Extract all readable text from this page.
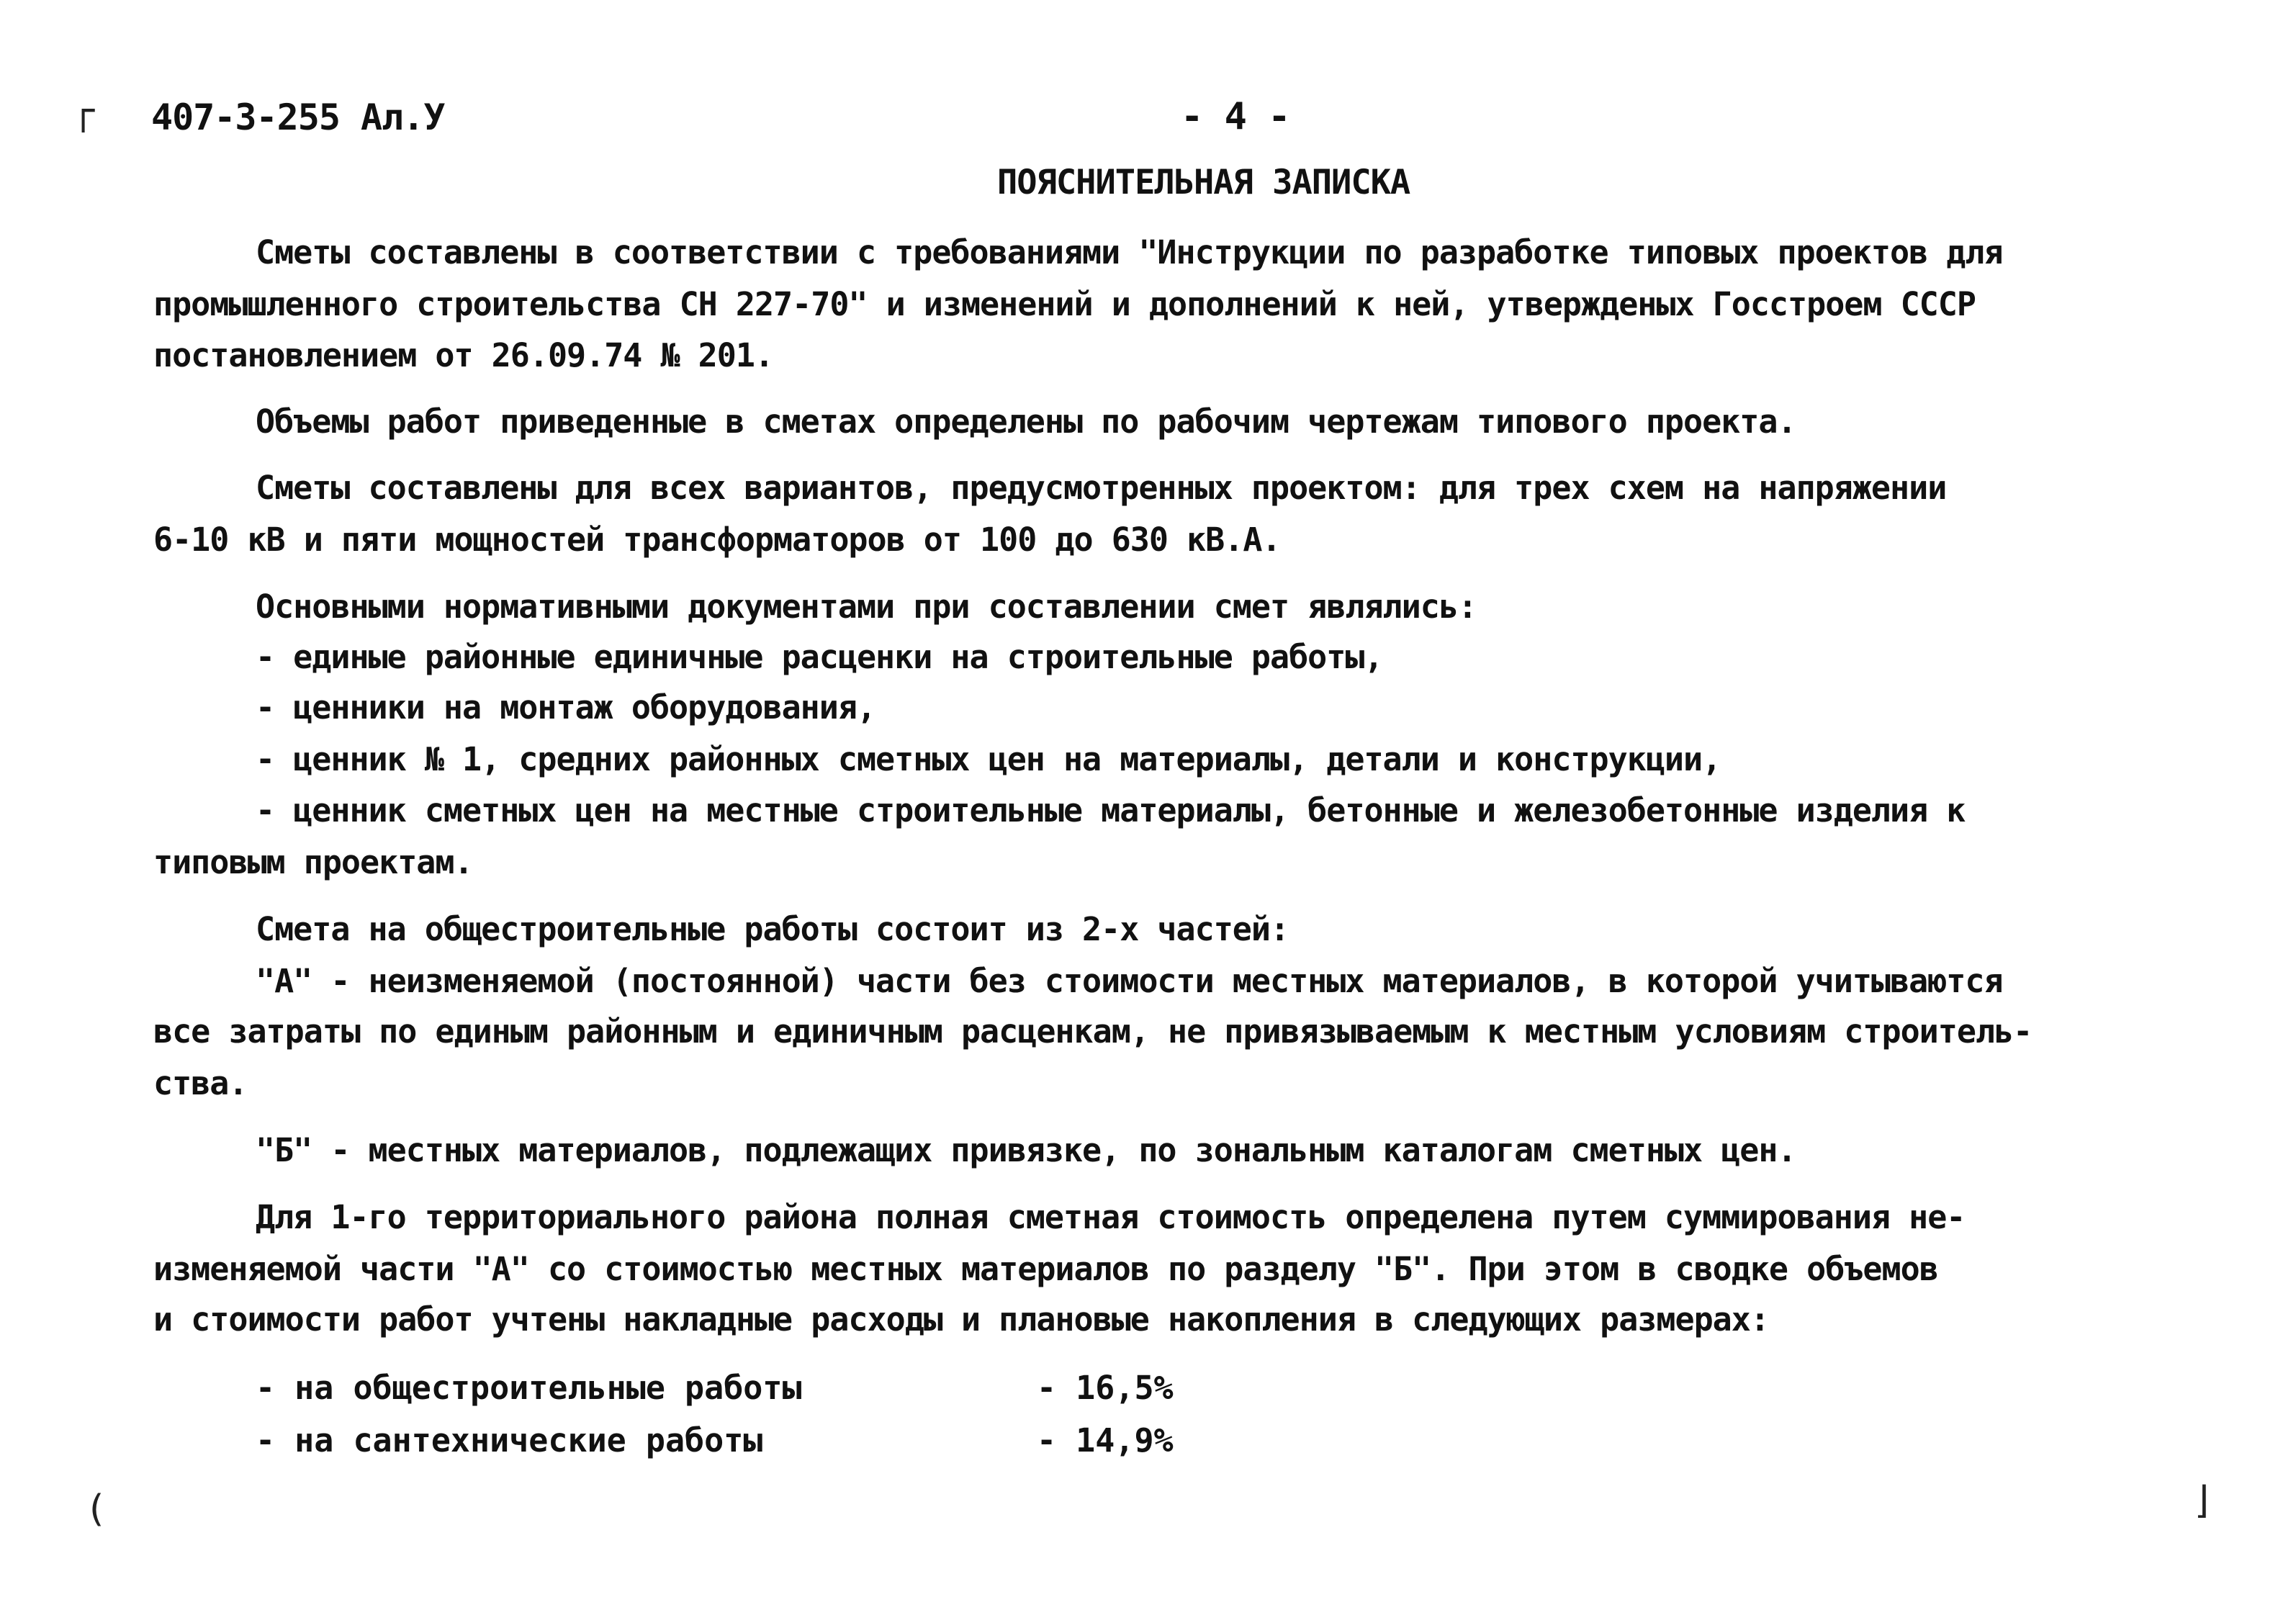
┌
(	⌋
407-3-255 Ал.У	- 4 -
ПОЯСНИТЕЛЬНАЯ ЗАПИСКА
Сметы составлены в соответствии с требованиями "Инструкции по разработке типовых проектов для
промышленного строительства СН 227-70" и изменений и дополнений к ней, утвержденых Госстроем СССР
постановлением от 26.09.74 № 201.
Объемы работ приведенные в сметах определены по рабочим чертежам типового проекта.
Сметы составлены для всех вариантов, предусмотренных проектом: для трех схем на напряжении
6-10 кВ и пяти мощностей трансформаторов от 100 до 630 кВ.А.
Основными нормативными документами при составлении смет являлись:
- единые районные единичные расценки на строительные работы,
- ценники на монтаж оборудования,
- ценник № 1, средних районных сметных цен на материалы, детали и конструкции,
- ценник сметных цен на местные строительные материалы, бетонные и железобетонные изделия к
типовым проектам.
Смета на общестроительные работы состоит из 2-х частей:
"А" - неизменяемой (постоянной) части без стоимости местных материалов, в которой учитываются
все затраты по единым районным и единичным расценкам, не привязываемым к местным условиям строитель-
ства.
"Б" - местных материалов, подлежащих привязке, по зональным каталогам сметных цен.
Для 1-го территориального района полная сметная стоимость определена путем суммирования не-
изменяемой части "А" со стоимостью местных материалов по разделу "Б". При этом в сводке объемов
и стоимости работ учтены накладные расходы и плановые накопления в следующих размерах:
- на общестроительные работы	- 16,5%
- на сантехнические работы	- 14,9%
